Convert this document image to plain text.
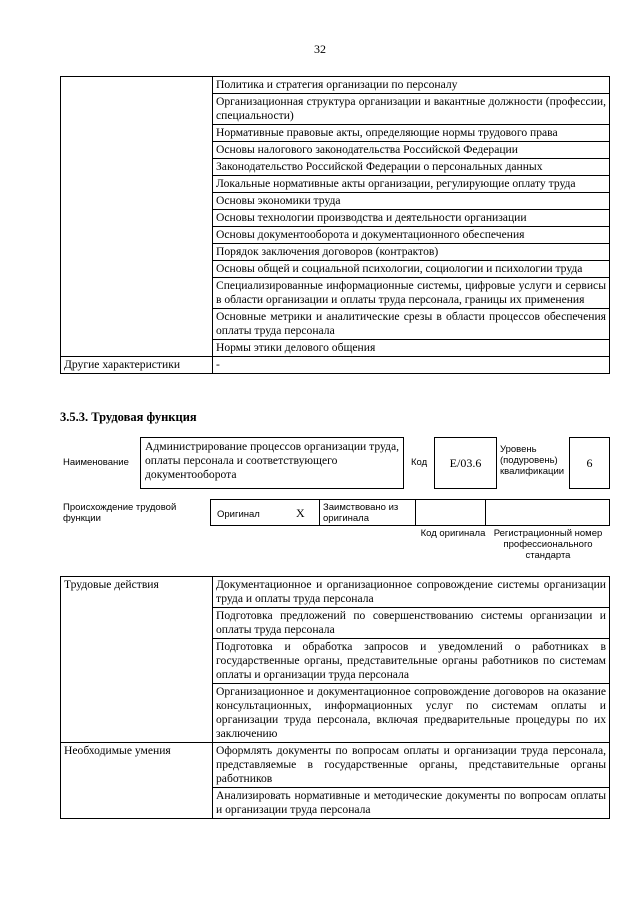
32
	Политика и стратегия организации по персоналу
	Организационная структура организации и вакантные должности (профессии, специальности)
	Нормативные правовые акты, определяющие нормы трудового права
	Основы налогового законодательства Российской Федерации
	Законодательство Российской Федерации о персональных данных
	Локальные нормативные акты организации, регулирующие оплату труда
	Основы экономики труда
	Основы технологии производства и деятельности организации
	Основы документооборота и документационного обеспечения
	Порядок заключения договоров (контрактов)
	Основы общей и социальной психологии, социологии и психологии труда
	Специализированные информационные системы, цифровые услуги и сервисы в области организации и оплаты труда персонала, границы их применения
	Основные метрики и аналитические срезы в области процессов обеспечения оплаты труда персонала
	Нормы этики делового общения
Другие характеристики	-
3.5.3. Трудовая функция
Наименование
Администрирование процессов организации труда, оплаты персонала и соответствующего документооборота
Код E/03.6
Уровень (подуровень) квалификации
6
Происхождение трудовой функции	Оригинал	X Заимствовано из оригинала
Код оригинала Регистрационный номер профессионального стандарта
Трудовые действия	Документационное и организационное сопровождение системы организации труда и оплаты труда персонала
	Подготовка предложений по совершенствованию системы организации и оплаты труда персонала
	Подготовка и обработка запросов и уведомлений о работниках в государственные органы, представительные органы работников по системам оплаты и организации труда персонала
	Организационное и документационное сопровождение договоров на оказание консультационных, информационных услуг по системам оплаты и организации труда персонала, включая предварительные процедуры по их заключению
Необходимые умения	Оформлять документы по вопросам оплаты и организации труда персонала, представляемые в государственные органы, представительные органы работников
	Анализировать нормативные и методические документы по вопросам оплаты и организации труда персонала
